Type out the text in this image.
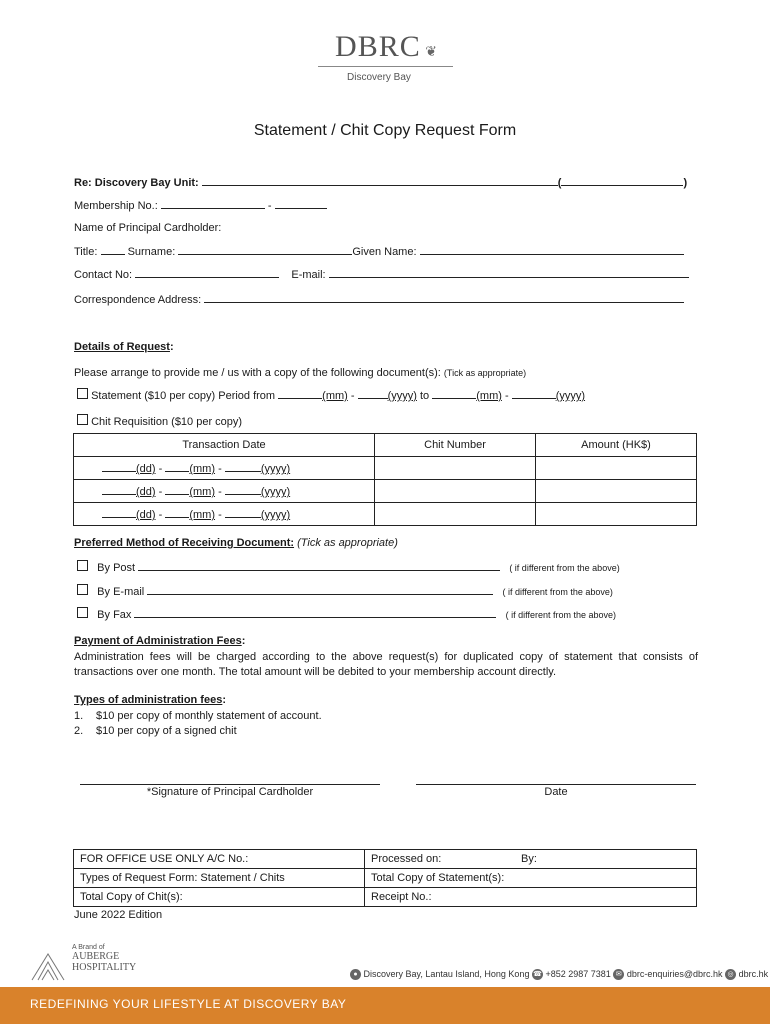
DBRC ❦
Discovery Bay
Statement / Chit Copy Request Form
Re: Discovery Bay Unit:	(	)
Membership No.:	-
Name of Principal Cardholder:
Title:	Surname:	Given Name:
Contact No:	E-mail:
Correspondence Address:
Details of Request:
Please arrange to provide me / us with a copy of the following document(s): (Tick as appropriate)
Statement ($10 per copy) Period from	(mm) -	(yyyy) to	(mm) -	(yyyy)
Chit Requisition ($10 per copy)
Transaction Date	Chit Number	Amount (HK$)
(dd) - (mm) - (yyyy)		
(dd) - (mm) - (yyyy)		
(dd) - (mm) - (yyyy)		
Preferred Method of Receiving Document: (Tick as appropriate)
By Post	( if different from the above)
By E-mail	( if different from the above)
By Fax	( if different from the above)
Payment of Administration Fees:
Administration fees will be charged according to the above request(s) for duplicated copy of statement that consists of
transactions over one month. The total amount will be debited to your membership account directly.
Types of administration fees:
1. $10 per copy of monthly statement of account.
2. $10 per copy of a signed chit
*Signature of Principal Cardholder	Date
FOR OFFICE USE ONLY A/C No.:	Processed on:	By:
Types of Request Form: Statement / Chits	Total Copy of Statement(s):	
Total Copy of Chit(s):	Receipt No.:	
June 2022 Edition
A Brand of
AUBERGE
HOSPITALITY
● Discovery Bay, Lantau Island, Hong Kong ☎ +852 2987 7381 ✉ dbrc-enquiries@dbrc.hk ◎ dbrc.hk
REDEFINING YOUR LIFESTYLE AT DISCOVERY BAY
